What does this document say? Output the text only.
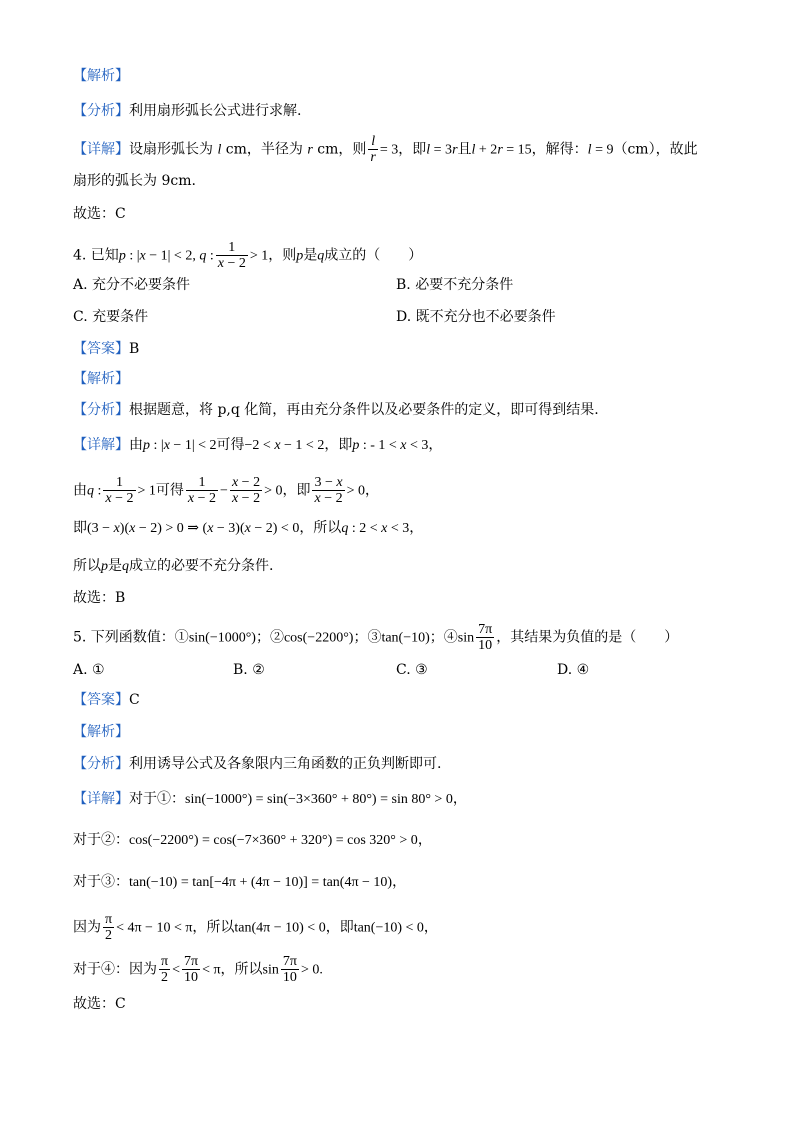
【解析】
【分析】利用扇形弧长公式进行求解.
【详解】设扇形弧长为 l cm，半径为 r cm，则 $\frac{l}{r} = 3$，即l = 3r且l + 2r = 15，解得：l = 9（cm），故此
扇形的弧长为 9cm.
故选：C
4. 已知p : |x − 1| < 2, q : $\frac{1}{x - 2} > 1$，则p是q成立的（　　）
A. 充分不必要条件	B. 必要不充分条件
C. 充要条件	D. 既不充分也不必要条件
【答案】B
【解析】
【分析】根据题意，将 p,q 化简，再由充分条件以及必要条件的定义，即可得到结果.
【详解】由p : |x − 1| < 2可得−2 < x − 1 < 2，即p : - 1 < x < 3，
由q : $\frac{1}{x - 2} > 1$可得 $\frac{1}{x - 2} - \frac{x - 2}{x - 2} > 0$，即 $\frac{3 - x}{x - 2} > 0$，
即(3 − x)(x − 2) > 0 ⇒ (x − 3)(x − 2) < 0，所以q : 2 < x < 3，
所以p是q成立的必要不充分条件.
故选：B
5. 下列函数值：①sin(−1000°)；②cos(−2200°)；③tan(−10)；④sin $\frac{7\pi}{10}$ ，其结果为负值的是（　　）
A. ①	B. ②	C. ③	D. ④
【答案】C
【解析】
【分析】利用诱导公式及各象限内三角函数的正负判断即可.
【详解】对于①：sin(−1000°) = sin(−3×360° + 80°) = sin 80° > 0，
对于②：cos(−2200°) = cos(−7×360° + 320°) = cos 320° > 0，
对于③：tan(−10) = tan[−4π + (4π − 10)] = tan(4π − 10)，
因为 $\frac{\pi}{2} < 4\pi - 10 < \pi$，所以tan(4π − 10) < 0，即tan(−10) < 0，
对于④：因为 $\frac{\pi}{2} < \frac{7\pi}{10} < \pi$，所以$\sin \frac{7\pi}{10} > 0$.
故选：C
